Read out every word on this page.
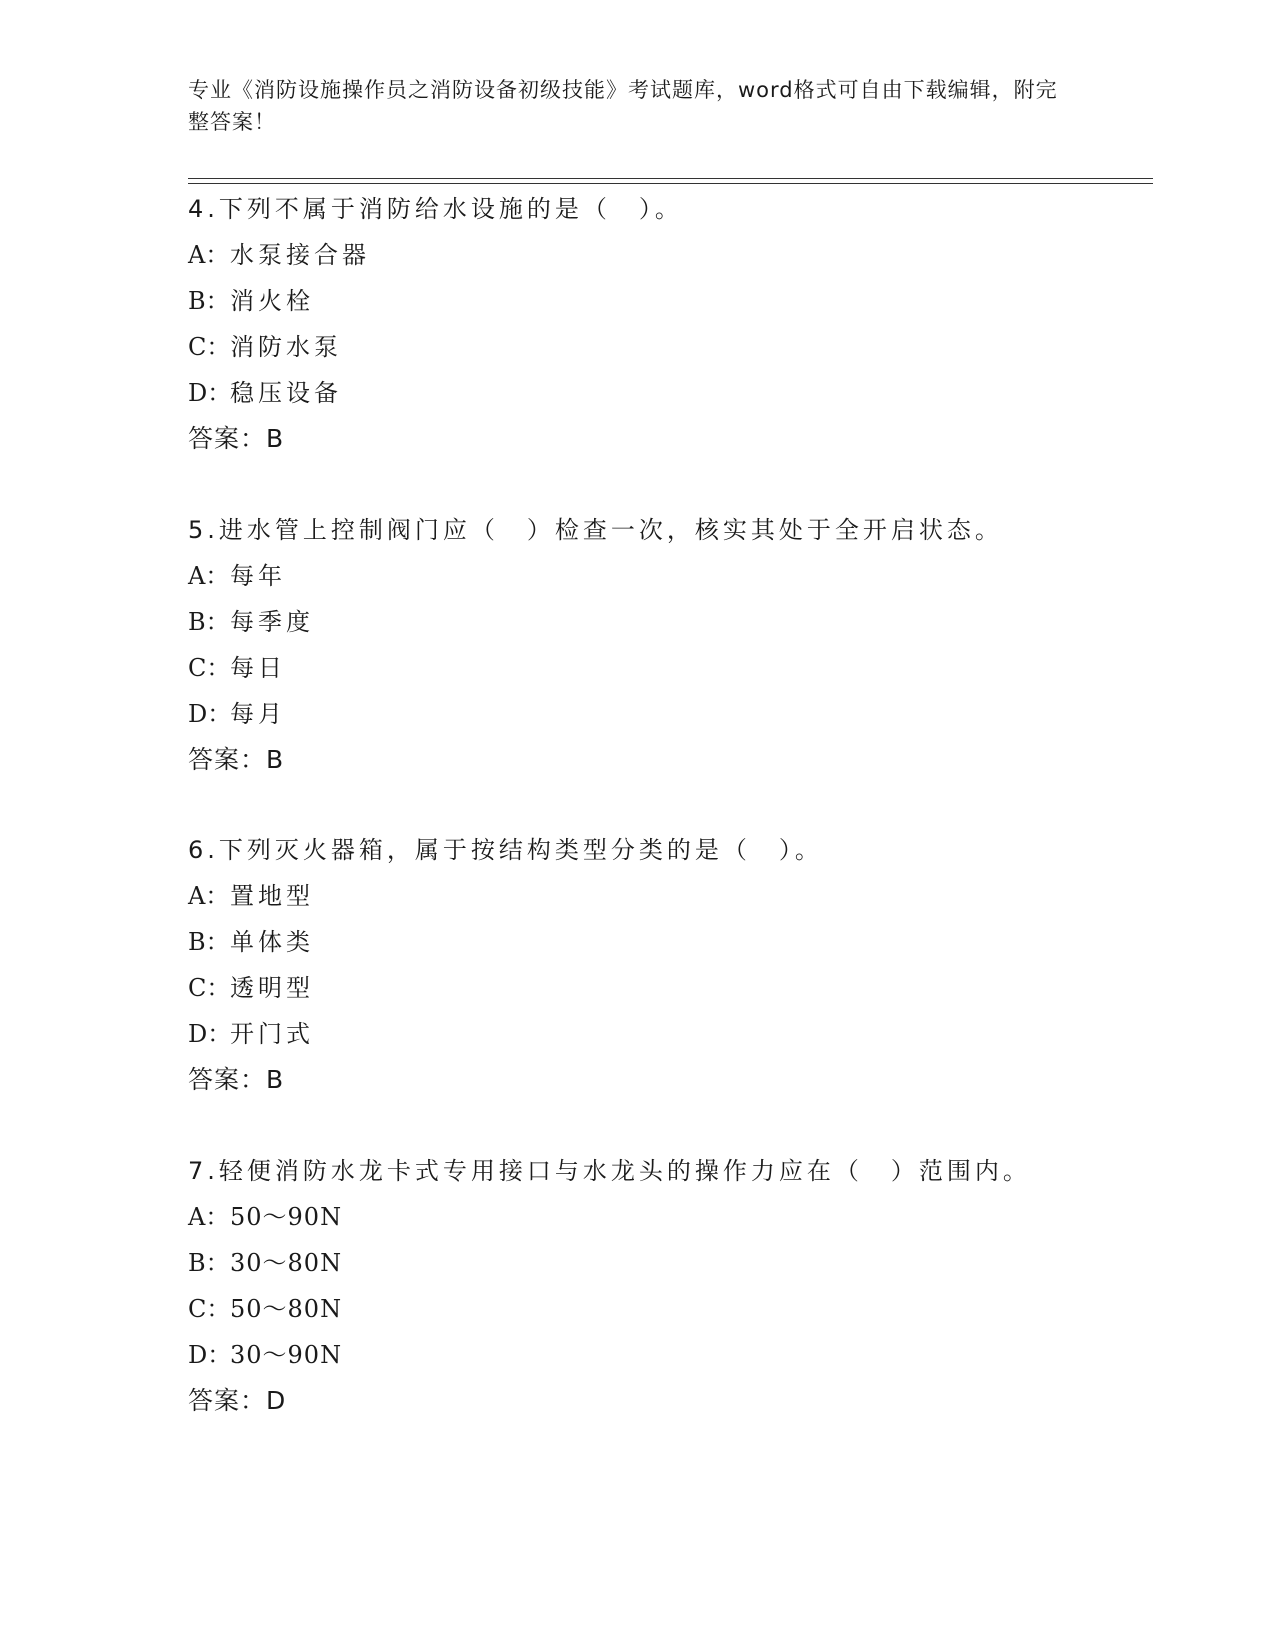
专业《消防设施操作员之消防设备初级技能》考试题库，word格式可自由下载编辑，附完整答案！
4.下列不属于消防给水设施的是（　）。
A：水泵接合器
B：消火栓
C：消防水泵
D：稳压设备
答案：B
5.进水管上控制阀门应（　）检查一次，核实其处于全开启状态。
A：每年
B：每季度
C：每日
D：每月
答案：B
6.下列灭火器箱，属于按结构类型分类的是（　）。
A：置地型
B：单体类
C：透明型
D：开门式
答案：B
7.轻便消防水龙卡式专用接口与水龙头的操作力应在（　）范围内。
A：50～90N
B：30～80N
C：50～80N
D：30～90N
答案：D
